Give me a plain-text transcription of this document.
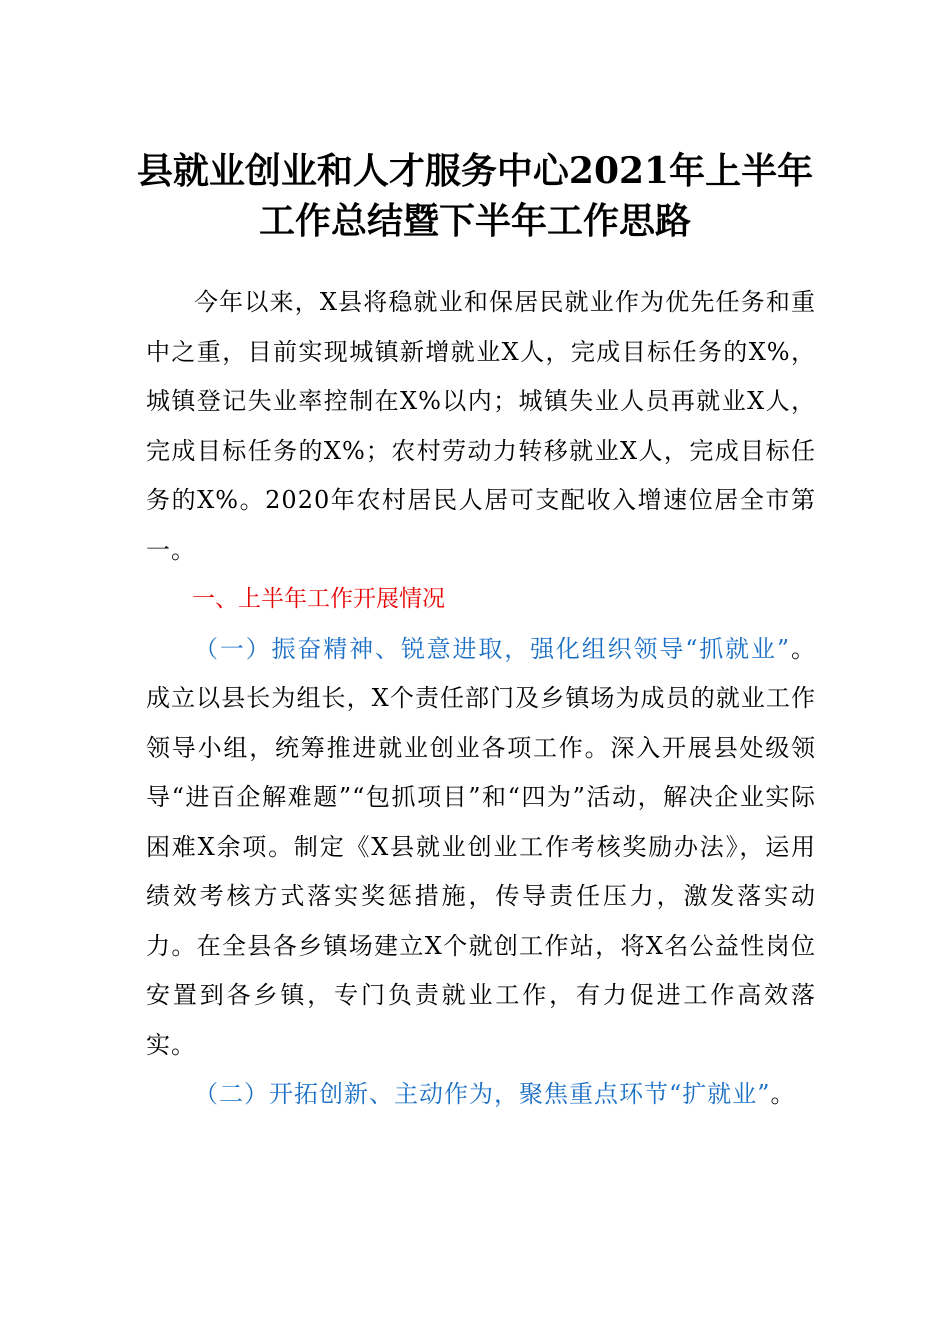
县就业创业和人才服务中心2021年上半年
工作总结暨下半年工作思路

今年以来，X县将稳就业和保居民就业作为优先任务和重中之重，目前实现城镇新增就业X人，完成目标任务的X%，城镇登记失业率控制在X%以内；城镇失业人员再就业X人，完成目标任务的X%；农村劳动力转移就业X人，完成目标任务的X%。2020年农村居民人居可支配收入增速位居全市第一。

一、上半年工作开展情况

（一）振奋精神、锐意进取，强化组织领导“抓就业”。成立以县长为组长，X个责任部门及乡镇场为成员的就业工作领导小组，统筹推进就业创业各项工作。深入开展县处级领导“进百企解难题”“包抓项目”和“四为”活动，解决企业实际困难X余项。制定《X县就业创业工作考核奖励办法》，运用绩效考核方式落实奖惩措施，传导责任压力，激发落实动力。在全县各乡镇场建立X个就创工作站，将X名公益性岗位安置到各乡镇，专门负责就业工作，有力促进工作高效落实。

（二）开拓创新、主动作为，聚焦重点环节“扩就业”。
